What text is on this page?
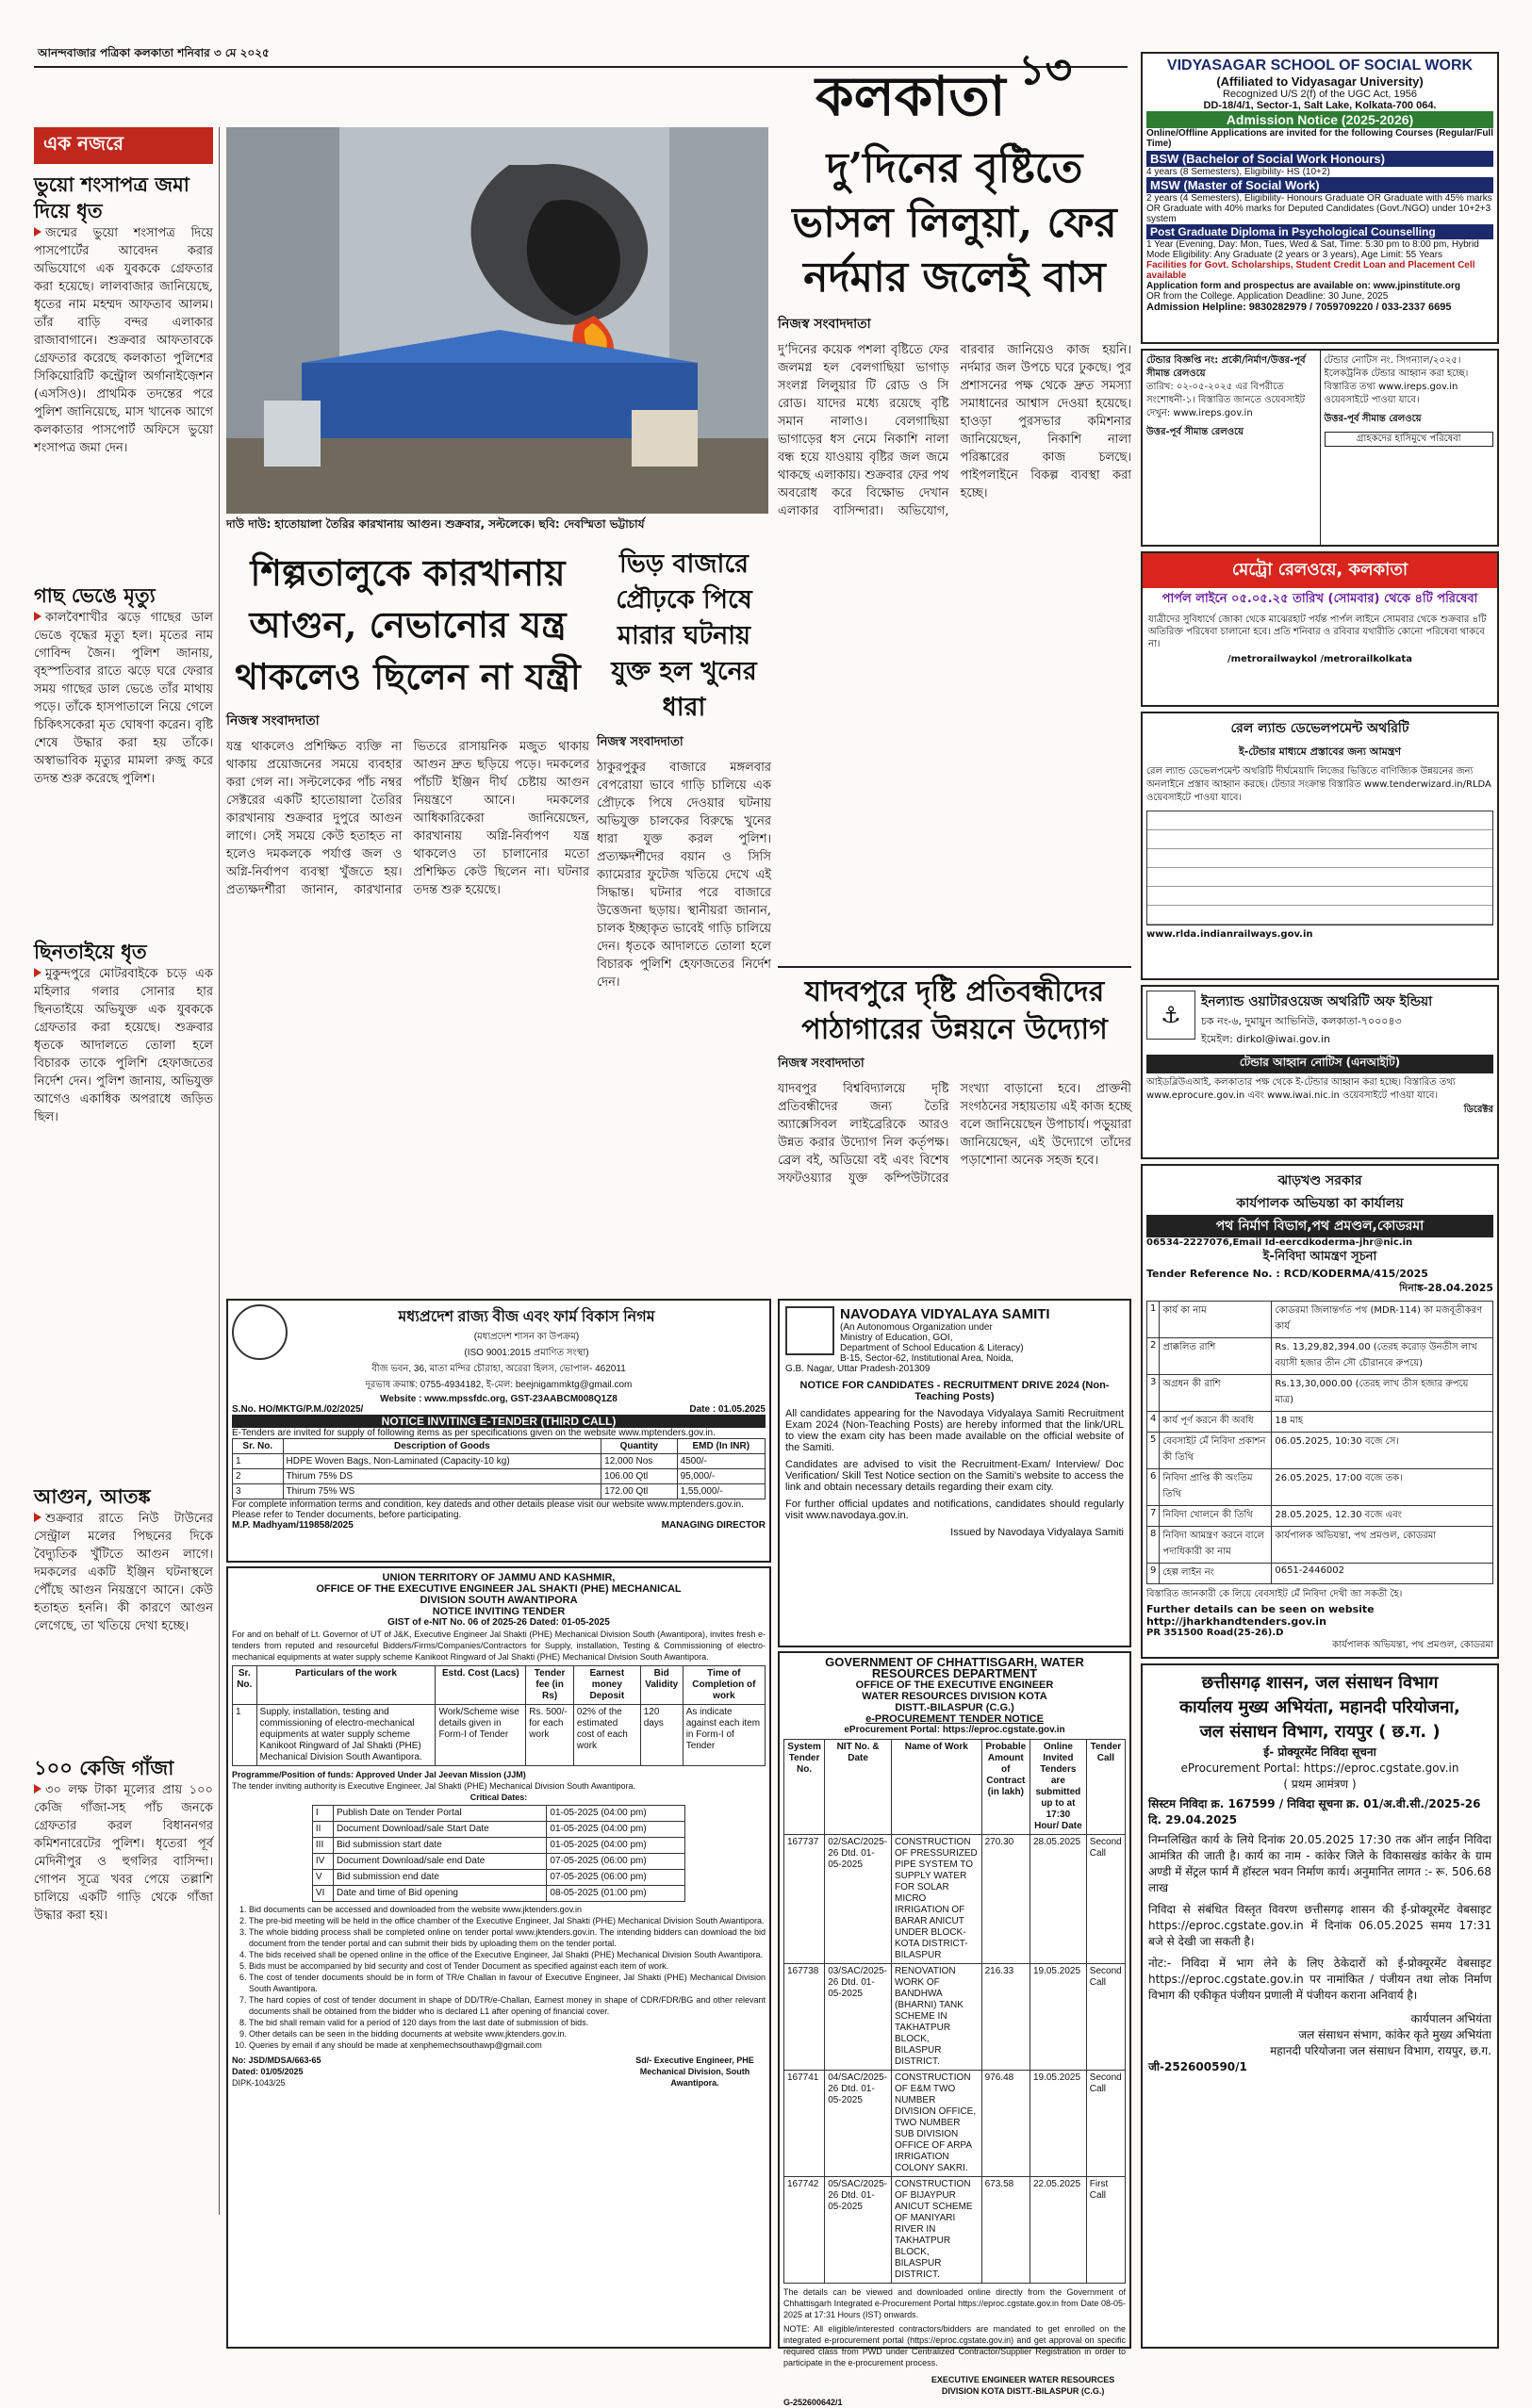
আনন্দবাজার পত্রিকা কলকাতা শনিবার ৩ মে ২০২৫
কলকাতা ১৩
এক নজরে
ভুয়ো শংসাপত্র জমা দিয়ে ধৃত
জন্মের ভুয়ো শংসাপত্র দিয়ে পাসপোর্টের আবেদন করার অভিযোগে এক যুবককে গ্রেফতার করা হয়েছে। লালবাজার জানিয়েছে, ধৃতের নাম মহম্মদ আফতাব আলম। তাঁর বাড়ি বন্দর এলাকার রাজাবাগানে। শুক্রবার আফতাবকে গ্রেফতার করেছে কলকাতা পুলিশের সিকিয়োরিটি কন্ট্রোল অর্গানাইজ়েশন (এসসিও)। প্রাথমিক তদন্তের পরে পুলিশ জানিয়েছে, মাস খানেক আগে কলকাতার পাসপোর্ট অফিসে ভুয়ো শংসাপত্র জমা দেন।
গাছ ভেঙে মৃত্যু
কালবৈশাখীর ঝড়ে গাছের ডাল ভেঙে বৃদ্ধের মৃত্যু হল। মৃতের নাম গোবিন্দ জৈন। পুলিশ জানায়, বৃহস্পতিবার রাতে ঝড়ে ঘরে ফেরার সময় গাছের ডাল ভেঙে তাঁর মাথায় পড়ে। তাঁকে হাসপাতালে নিয়ে গেলে চিকিৎসকেরা মৃত ঘোষণা করেন। বৃষ্টি শেষে উদ্ধার করা হয় তাঁকে। অস্বাভাবিক মৃত্যুর মামলা রুজু করে তদন্ত শুরু করেছে পুলিশ।
ছিনতাইয়ে ধৃত
মুকুন্দপুরে মোটরবাইকে চড়ে এক মহিলার গলার সোনার হার ছিনতাইয়ে অভিযুক্ত এক যুবককে গ্রেফতার করা হয়েছে। শুক্রবার ধৃতকে আদালতে তোলা হলে বিচারক তাকে পুলিশি হেফাজতের নির্দেশ দেন। পুলিশ জানায়, অভিযুক্ত আগেও একাধিক অপরাধে জড়িত ছিল।
আগুন, আতঙ্ক
শুক্রবার রাতে নিউ টাউনের সেন্ট্রাল মলের পিছনের দিকে বৈদ্যুতিক খুঁটিতে আগুন লাগে। দমকলের একটি ইঞ্জিন ঘটনাস্থলে পৌঁছে আগুন নিয়ন্ত্রণে আনে। কেউ হতাহত হননি। কী কারণে আগুন লেগেছে, তা খতিয়ে দেখা হচ্ছে।
১০০ কেজি গাঁজা
৩০ লক্ষ টাকা মূল্যের প্রায় ১০০ কেজি গাঁজা-সহ পাঁচ জনকে গ্রেফতার করল বিধাননগর কমিশনারেটের পুলিশ। ধৃতেরা পূর্ব মেদিনীপুর ও হুগলির বাসিন্দা। গোপন সূত্রে খবর পেয়ে তল্লাশি চালিয়ে একটি গাড়ি থেকে গাঁজা উদ্ধার করা হয়।
দাউ দাউ: হাতোয়ালা তৈরির কারখানায় আগুন। শুক্রবার, সল্টলেকে। ছবি: দেবস্মিতা ভট্টাচার্য
দু’দিনের বৃষ্টিতে ভাসল লিলুয়া, ফের নর্দমার জলেই বাস
নিজস্ব সংবাদদাতা
দু’দিনের কয়েক পশলা বৃষ্টিতে ফের জলমগ্ন হল বেলগাছিয়া ভাগাড় সংলগ্ন লিলুয়ার টি রোড ও সি রোড। যাদের মধ্যে রয়েছে বৃষ্টি সমান নালাও। বেলগাছিয়া ভাগাড়ের ধস নেমে নিকাশি নালা বন্ধ হয়ে যাওয়ায় বৃষ্টির জল জমে থাকছে এলাকায়। শুক্রবার ফের পথ অবরোধ করে বিক্ষোভ দেখান এলাকার বাসিন্দারা। অভিযোগ, বারবার জানিয়েও কাজ হয়নি। নর্দমার জল উপচে ঘরে ঢুকছে। পুর প্রশাসনের পক্ষ থেকে দ্রুত সমস্যা সমাধানের আশ্বাস দেওয়া হয়েছে। হাওড়া পুরসভার কমিশনার জানিয়েছেন, নিকাশি নালা পরিষ্কারের কাজ চলছে। পাইপলাইনে বিকল্প ব্যবস্থা করা হচ্ছে।
শিল্পতালুকে কারখানায় আগুন, নেভানোর যন্ত্র থাকলেও ছিলেন না যন্ত্রী
নিজস্ব সংবাদদাতা
যন্ত্র থাকলেও প্রশিক্ষিত ব্যক্তি না থাকায় প্রয়োজনের সময়ে ব্যবহার করা গেল না। সল্টলেকের পাঁচ নম্বর সেক্টরের একটি হাতোয়ালা তৈরির কারখানায় শুক্রবার দুপুরে আগুন লাগে। সেই সময়ে কেউ হতাহত না হলেও দমকলকে পর্যাপ্ত জল ও অগ্নি-নির্বাপণ ব্যবস্থা খুঁজতে হয়। প্রত্যক্ষদর্শীরা জানান, কারখানার ভিতরে রাসায়নিক মজুত থাকায় আগুন দ্রুত ছড়িয়ে পড়ে। দমকলের পাঁচটি ইঞ্জিন দীর্ঘ চেষ্টায় আগুন নিয়ন্ত্রণে আনে। দমকলের আধিকারিকেরা জানিয়েছেন, কারখানায় অগ্নি-নির্বাপণ যন্ত্র থাকলেও তা চালানোর মতো প্রশিক্ষিত কেউ ছিলেন না। ঘটনার তদন্ত শুরু হয়েছে।
ভিড় বাজারে প্রৌঢ়কে পিষে মারার ঘটনায় যুক্ত হল খুনের ধারা
নিজস্ব সংবাদদাতা
ঠাকুরপুকুর বাজারে মঙ্গলবার বেপরোয়া ভাবে গাড়ি চালিয়ে এক প্রৌঢ়কে পিষে দেওয়ার ঘটনায় অভিযুক্ত চালকের বিরুদ্ধে খুনের ধারা যুক্ত করল পুলিশ। প্রত্যক্ষদর্শীদের বয়ান ও সিসি ক্যামেরার ফুটেজ খতিয়ে দেখে এই সিদ্ধান্ত। ঘটনার পরে বাজারে উত্তেজনা ছড়ায়। স্থানীয়রা জানান, চালক ইচ্ছাকৃত ভাবেই গাড়ি চালিয়ে দেন। ধৃতকে আদালতে তোলা হলে বিচারক পুলিশি হেফাজতের নির্দেশ দেন।	যাদবপুরে দৃষ্টি প্রতিবন্ধীদের পাঠাগারের উন্নয়নে উদ্যোগ
নিজস্ব সংবাদদাতা
যাদবপুর বিশ্ববিদ্যালয়ে দৃষ্টি প্রতিবন্ধীদের জন্য তৈরি অ্যাক্সেসিবল লাইব্রেরিকে আরও উন্নত করার উদ্যোগ নিল কর্তৃপক্ষ। ব্রেল বই, অডিয়ো বই এবং বিশেষ সফটওয়্যার যুক্ত কম্পিউটারের সংখ্যা বাড়ানো হবে। প্রাক্তনী সংগঠনের সহায়তায় এই কাজ হচ্ছে বলে জানিয়েছেন উপাচার্য। পড়ুয়ারা জানিয়েছেন, এই উদ্যোগে তাঁদের পড়াশোনা অনেক সহজ হবে।
VIDYASAGAR SCHOOL OF SOCIAL WORK
(Affiliated to Vidyasagar University)
Recognized U/S 2(f) of the UGC Act, 1956
DD-18/4/1, Sector-1, Salt Lake, Kolkata-700 064.
Admission Notice (2025-2026)
Online/Offline Applications are invited for the following Courses (Regular/Full Time)
BSW (Bachelor of Social Work Honours)
4 years (8 Semesters), Eligibility- HS (10+2)
MSW (Master of Social Work)
2 years (4 Semesters), Eligibility- Honours Graduate OR Graduate with 45% marks OR Graduate with 40% marks for Deputed Candidates (Govt./NGO) under 10+2+3 system
Post Graduate Diploma in Psychological Counselling
1 Year (Evening, Day: Mon, Tues, Wed & Sat, Time: 5:30 pm to 8:00 pm, Hybrid Mode Eligibility: Any Graduate (2 years or 3 years), Age Limit: 55 Years
Facilities for Govt. Scholarships, Student Credit Loan and Placement Cell available
Application form and prospectus are available on: www.jpinstitute.org
OR from the College. Application Deadline: 30 June, 2025
Admission Helpline: 9830282979 / 7059709220 / 033-2337 6695
টেন্ডার বিজ্ঞপ্তি নং: প্রকৌ/নির্মাণ/উত্তর-পূর্ব সীমান্ত রেলওয়ে
তারিখ: ০২-০৫-২০২৫ এর বিপরীতে সংশোধনী-১। বিস্তারিত জানতে ওয়েবসাইট দেখুন: www.ireps.gov.in
উত্তর-পূর্ব সীমান্ত রেলওয়ে
টেন্ডার নোটিস নং. সিগন্যাল/২০২৫। ইলেকট্রনিক টেন্ডার আহ্বান করা হচ্ছে। বিস্তারিত তথ্য www.ireps.gov.in ওয়েবসাইটে পাওয়া যাবে।
উত্তর-পূর্ব সীমান্ত রেলওয়ে
গ্রাহকদের হাসিমুখে পরিষেবা
মেট্রো রেলওয়ে, কলকাতা
পার্পল লাইনে ০৫.০৫.২৫ তারিখ (সোমবার) থেকে ৪টি পরিষেবা
যাত্রীদের সুবিধার্থে জোকা থেকে মাঝেরহাট পর্যন্ত পার্পল লাইনে সোমবার থেকে শুক্রবার ৪টি অতিরিক্ত পরিষেবা চালানো হবে। প্রতি শনিবার ও রবিবার যথারীতি কোনো পরিষেবা থাকবে না।
/metrorailwaykol /metrorailkolkata
রেল ল্যান্ড ডেভেলপমেন্ট অথরিটি
ই-টেন্ডার মাধ্যমে প্রস্তাবের জন্য আমন্ত্রণ
রেল ল্যান্ড ডেভেলপমেন্ট অথরিটি দীর্ঘমেয়াদি লিজের ভিত্তিতে বাণিজ্যিক উন্নয়নের জন্য অনলাইনে প্রস্তাব আহ্বান করছে। টেন্ডার সংক্রান্ত বিস্তারিত www.tenderwizard.in/RLDA ওয়েবসাইটে পাওয়া যাবে।
www.rlda.indianrailways.gov.in
⚓	ইনল্যান্ড ওয়াটারওয়েজ অথরিটি অফ ইন্ডিয়া
চক নং-৬, দুমায়ুন আভিনিউ, কলকাতা-৭০০০৪৩
ইমেইল: dirkol@iwai.gov.in
টেন্ডার আহ্বান নোটিস (এনআইটি)
আইডব্লিউএআই, কলকাতার পক্ষ থেকে ই-টেন্ডার আহ্বান করা হচ্ছে। বিস্তারিত তথ্য www.eprocure.gov.in এবং www.iwai.nic.in ওয়েবসাইটে পাওয়া যাবে।
ডিরেক্টর
ঝাড়খণ্ড সরকার
কার্যপালক অভিযন্তা কা কার্যালয়
পথ নির্মাণ বিভাগ,পথ প্রমণ্ডল,কোডরমা
06534-2227076,Email Id-eercdkoderma-jhr@nic.in
ই-নিবিদা আমন্ত্রণ সূচনা
Tender Reference No. : RCD/KODERMA/415/2025
দিনাঙ্ক-28.04.2025
1	কার্য কা নাম	কোডরমা জিলান্তর্গত পথ (MDR-114) কা মজবূতীকরণ কার্য
2	প্রাক্কলিত রাশি	Rs. 13,29,82,394.00 (তেরহ করোড় উনতীস লাখ বয়াসী হজার তীন সৌ চৌরানবে রুপয়ে)
3	অগ্রধন কী রাশি	Rs.13,30,000.00 (তেরহ লাখ তীস হজার রুপয়ে মাত্র)
4	কার্য পূর্ণ করনে কী অবধি	18 মাহ
5	বেবসাইট মেঁ নিবিদা প্রকাশন কী তিথি	06.05.2025, 10:30 বজে সে।
6	নিবিদা প্রাপ্তি কী অংতিম তিথি	26.05.2025, 17:00 বজে তক।
7	নিবিদা খোলনে কী তিথি	28.05.2025, 12.30 বজে এবং
8	নিবিদা আমন্ত্রণ করনে বালে পদাধিকারী কা নাম	কার্যপালক অভিযন্তা, পথ প্রমণ্ডল, কোডরমা
9	হেল্প লাইন নং	0651-2446002
বিস্তারিত জানকারী কে লিয়ে বেবসাইট মেঁ নিবিদা দেখী জা সকতী হৈ।
Further details can be seen on website http://jharkhandtenders.gov.in
PR 351500 Road(25-26).D
কার্যপালক অভিযন্তা, পথ প্রমণ্ডল, কোডরমা
মধ্যপ্রদেশ রাজ্য বীজ এবং ফার্ম বিকাস নিগম
(মধ্যপ্রদেশ শাসন কা উপক্রম)
(ISO 9001:2015 প্রমাণিত সংস্থা)
বীজ ভবন, 36, মাতা মন্দির চৌরাহা, অরেরা হিলস, ভোপাল- 462011
দূরভাষ ক্রমাঙ্ক: 0755-4934182, ই-মেল: beejnigammktg@gmail.com
Website : www.mpssfdc.org, GST-23AABCM008Q1Z8
S.No. HO/MKTG/P.M./02/2025/	Date : 01.05.2025
NOTICE INVITING E-TENDER (THIRD CALL)
E-Tenders are invited for supply of following items as per specifications given on the website www.mptenders.gov.in.
Sr. No.	Description of Goods	Quantity	EMD (In INR)
1	HDPE Woven Bags, Non-Laminated (Capacity-10 kg)	12,000 Nos	4500/-
2	Thirum 75% DS	106.00 Qtl	95,000/-
3	Thirum 75% WS	172.00 Qtl	1,55,000/-
For complete information terms and condition, key dateds and other details please visit our website www.mptenders.gov.in. Please refer to Tender documents, before participating.
M.P. Madhyam/119858/2025	MANAGING DIRECTOR
UNION TERRITORY OF JAMMU AND KASHMIR,
OFFICE OF THE EXECUTIVE ENGINEER JAL SHAKTI (PHE) MECHANICAL
DIVISION SOUTH AWANTIPORA
NOTICE INVITING TENDER
GIST of e-NIT No. 06 of 2025-26 Dated: 01-05-2025
For and on behalf of Lt. Governor of UT of J&K, Executive Engineer Jal Shakti (PHE) Mechanical Division South (Awantipora), invites fresh e-tenders from reputed and resourceful Bidders/Firms/Companies/Contractors for Supply, installation, Testing & Commissioning of electro-mechanical equipments at water supply scheme Kanikoot Ringward of Jal Shakti (PHE) Mechanical Division South Awantipora.
Sr. No.	Particulars of the work	Estd. Cost (Lacs)	Tender fee (in Rs)	Earnest money Deposit	Bid Validity	Time of Completion of work
1	Supply, installation, testing and commissioning of electro-mechanical equipments at water supply scheme Kanikoot Ringward of Jal Shakti (PHE) Mechanical Division South Awantipora.	Work/Scheme wise details given in Form-I of Tender	Rs. 500/- for each work	02% of the estimated cost of each work	120 days	As indicate against each item in Form-I of Tender
Programme/Position of funds: Approved Under Jal Jeevan Mission (JJM)
The tender inviting authority is Executive Engineer, Jal Shakti (PHE) Mechanical Division South Awantipora.
Critical Dates:
I	Publish Date on Tender Portal	01-05-2025 (04:00 pm)
II	Document Download/sale Start Date	01-05-2025 (04:00 pm)
III	Bid submission start date	01-05-2025 (04:00 pm)
IV	Document Download/sale end Date	07-05-2025 (06:00 pm)
V	Bid submission end date	07-05-2025 (06:00 pm)
VI	Date and time of Bid opening	08-05-2025 (01:00 pm)
1. Bid documents can be accessed and downloaded from the website www.jktenders.gov.in
2. The pre-bid meeting will be held in the office chamber of the Executive Engineer, Jal Shakti (PHE) Mechanical Division South Awantipora.
3. The whole bidding process shall be completed online on tender portal www.jktenders.gov.in. The intending bidders can download the bid document from the tender portal and can submit their bids by uploading them on the tender portal.
4. The bids received shall be opened online in the office of the Executive Engineer, Jal Shakti (PHE) Mechanical Division South Awantipora.
5. Bids must be accompanied by bid security and cost of Tender Document as specified against each item of work.
6. The cost of tender documents should be in form of TR/e Challan in favour of Executive Engineer, Jal Shakti (PHE) Mechanical Division South Awantipora.
7. The hard copies of cost of tender document in shape of DD/TR/e-Challan, Earnest money in shape of CDR/FDR/BG and other relevant documents shall be obtained from the bidder who is declared L1 after opening of financial cover.
8. The bid shall remain valid for a period of 120 days from the last date of submission of bids.
9. Other details can be seen in the bidding documents at website www.jktenders.gov.in.
10. Queries by email if any should be made at xenphemechsouthawp@gmail.com
No: JSD/MDSA/663-65
Dated: 01/05/2025
DIPK-1043/25
Sd/- Executive Engineer, PHE Mechanical Division, South Awantipora.
NAVODAYA VIDYALAYA SAMITI
(An Autonomous Organization under
Ministry of Education, GOI,
Department of School Education & Literacy)
B-15, Sector-62, Institutional Area, Noida,
G.B. Nagar, Uttar Pradesh-201309
NOTICE FOR CANDIDATES - RECRUITMENT DRIVE 2024 (Non-Teaching Posts)
All candidates appearing for the Navodaya Vidyalaya Samiti Recruitment Exam 2024 (Non-Teaching Posts) are hereby informed that the link/URL to view the exam city has been made available on the official website of the Samiti.
Candidates are advised to visit the Recruitment-Exam/ Interview/ Doc Verification/ Skill Test Notice section on the Samiti's website to access the link and obtain necessary details regarding their exam city.
For further official updates and notifications, candidates should regularly visit www.navodaya.gov.in.
Issued by Navodaya Vidyalaya Samiti
GOVERNMENT OF CHHATTISGARH, WATER
RESOURCES DEPARTMENT
OFFICE OF THE EXECUTIVE ENGINEER
WATER RESOURCES DIVISION KOTA
DISTT.-BILASPUR (C.G.)
e-PROCUREMENT TENDER NOTICE
eProcurement Portal: https://eproc.cgstate.gov.in
System Tender No.	NIT No. & Date	Name of Work	Probable Amount of Contract (in lakh)	Online Invited Tenders are submitted up to at 17:30 Hour/ Date	Tender Call
167737	02/SAC/2025-26 Dtd. 01-05-2025	CONSTRUCTION OF PRESSURIZED PIPE SYSTEM TO SUPPLY WATER FOR SOLAR MICRO IRRIGATION OF BARAR ANICUT UNDER BLOCK-KOTA DISTRICT-BILASPUR	270.30	28.05.2025	Second Call
167738	03/SAC/2025-26 Dtd. 01-05-2025	RENOVATION WORK OF BANDHWA (BHARNI) TANK SCHEME IN TAKHATPUR BLOCK, BILASPUR DISTRICT.	216.33	19.05.2025	Second Call
167741	04/SAC/2025-26 Dtd. 01-05-2025	CONSTRUCTION OF E&M TWO NUMBER DIVISION OFFICE, TWO NUMBER SUB DIVISION OFFICE OF ARPA IRRIGATION COLONY SAKRI.	976.48	19.05.2025	Second Call
167742	05/SAC/2025-26 Dtd. 01-05-2025	CONSTRUCTION OF BIJAYPUR ANICUT SCHEME OF MANIYARI RIVER IN TAKHATPUR BLOCK, BILASPUR DISTRICT.	673.58	22.05.2025	First Call
The details can be viewed and downloaded online directly from the Government of Chhattisgarh Integrated e-Procurement Portal https://eproc.cgstate.gov.in from Date 08-05-2025 at 17:31 Hours (IST) onwards.
NOTE: All eligible/interested contractors/bidders are mandated to get enrolled on the integrated e-procurement portal (https://eproc.cgstate.gov.in) and get approval on specific required class from PWD under Centralized Contractor/Supplier Registration in order to participate in the e-procurement process.
EXECUTIVE ENGINEER WATER RESOURCES DIVISION KOTA DISTT.-BILASPUR (C.G.)
G-252600642/1
छत्तीसगढ़ शासन, जल संसाधन विभाग
कार्यालय मुख्य अभियंता, महानदी परियोजना,
जल संसाधन विभाग, रायपुर ( छ.ग. )
ई- प्रोक्यूरमेंट निविदा सूचना
eProcurement Portal: https://eproc.cgstate.gov.in
( प्रथम आमंत्रण )
सिस्टम निविदा क्र. 167599 / निविदा सूचना क्र. 01/अ.वी.सी./2025-26 दि. 29.04.2025
निम्नलिखित कार्य के लिये दिनांक 20.05.2025 17:30 तक ऑन लाईन निविदा आमंत्रित की जाती है। कार्य का नाम - कांकेर जिले के विकासखंड कांकेर के ग्राम अण्डी में सेंट्रल फार्म मैं हॉस्टल भवन निर्माण कार्य। अनुमानित लागत :- रू. 506.68 लाख
निविदा से संबंधित विस्तृत विवरण छत्तीसगढ़ शासन की ई-प्रोक्यूरमेंट वेबसाइट https://eproc.cgstate.gov.in में दिनांक 06.05.2025 समय 17:31 बजे से देखी जा सकती है।
नोट:- निविदा में भाग लेने के लिए ठेकेदारों को ई-प्रोक्यूरमेंट वेबसाइट https://eproc.cgstate.gov.in पर नामांकित / पंजीयन तथा लोक निर्माण विभाग की एकीकृत पंजीयन प्रणाली में पंजीयन कराना अनिवार्य है।
कार्यपालन अभियंता
जल संसाधन संभाग, कांकेर कृते मुख्य अभियंता
महानदी परियोजना जल संसाधन विभाग, रायपुर, छ.ग.
जी-252600590/1
